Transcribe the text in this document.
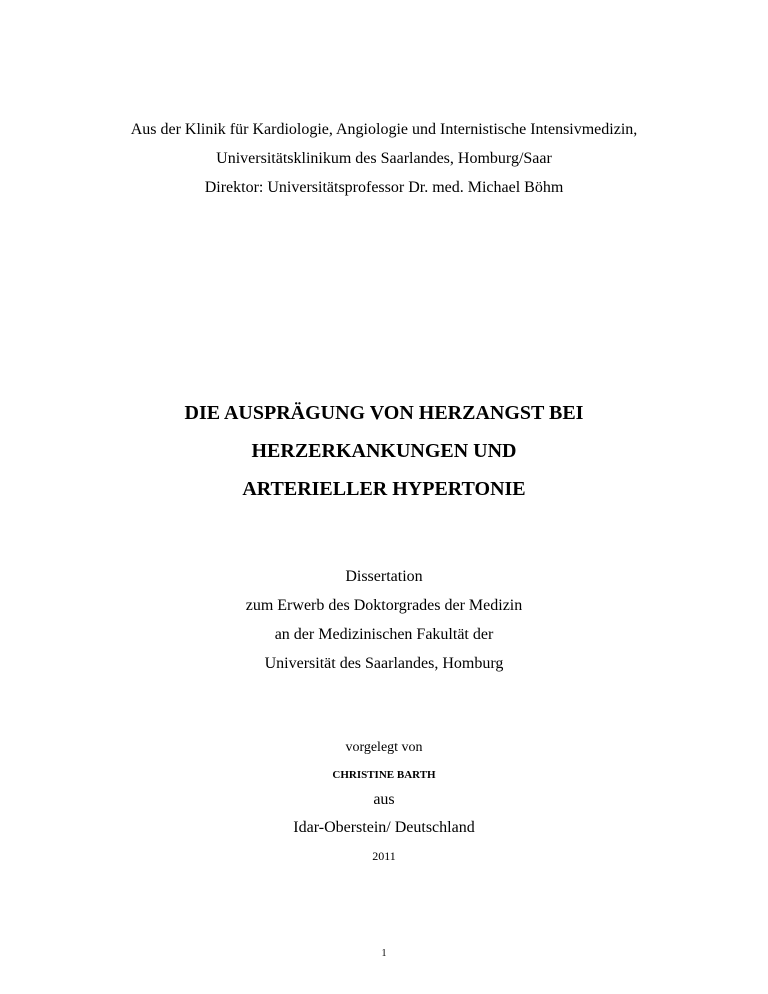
Aus der Klinik für Kardiologie, Angiologie und Internistische Intensivmedizin,
Universitätsklinikum des Saarlandes, Homburg/Saar
Direktor: Universitätsprofessor Dr. med. Michael Böhm
DIE AUSPRÄGUNG VON HERZANGST BEI
HERZERKANKUNGEN UND
ARTERIELLER HYPERTONIE
Dissertation
zum Erwerb des Doktorgrades der Medizin
an der Medizinischen Fakultät der
Universität des Saarlandes, Homburg
vorgelegt von
CHRISTINE BARTH
aus
Idar-Oberstein/ Deutschland
2011
1
